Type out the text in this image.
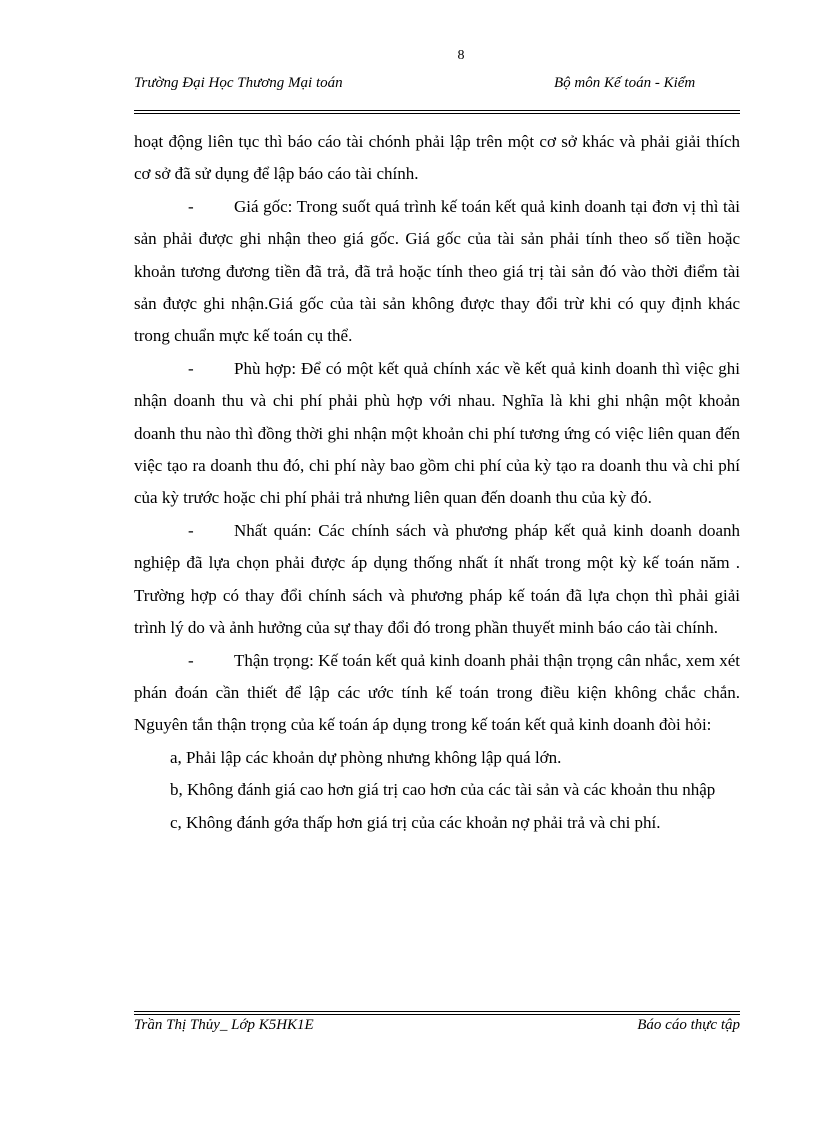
8
Trường Đại Học Thương Mại toán	Bộ môn Kế toán - Kiểm

hoạt động liên tục thì báo cáo tài chónh phải lập trên một cơ sở khác và phải giải thích cơ sở đã sử dụng để lập báo cáo tài chính.

- Giá gốc: Trong suốt quá trình kế toán kết quả kinh doanh tại đơn vị thì tài sản phải được ghi nhận theo giá gốc. Giá gốc của tài sản phải tính theo số tiền hoặc khoản tương đương tiền đã trả, đã trả hoặc tính theo giá trị tài sản đó vào thời điểm tài sản được ghi nhận.Giá gốc của tài sản không được thay đổi trừ khi có quy định khác trong chuẩn mực kế toán cụ thể.

- Phù hợp: Để có một kết quả chính xác về kết quả kinh doanh thì việc ghi nhận doanh thu và chi phí phải phù hợp với nhau. Nghĩa là khi ghi nhận một khoản doanh thu nào thì đồng thời ghi nhận một khoản chi phí tương ứng có việc liên quan đến việc tạo ra doanh thu đó, chi phí này bao gồm chi phí của kỳ tạo ra doanh thu và chi phí của kỳ trước hoặc chi phí phải trả nhưng liên quan đến doanh thu của kỳ đó.

- Nhất quán: Các chính sách và phương pháp kết quả kinh doanh doanh nghiệp đã lựa chọn phải được áp dụng thống nhất ít nhất trong một kỳ kế toán năm . Trường hợp có thay đổi chính sách và phương pháp kế toán đã lựa chọn thì phải giải trình lý do và ảnh hưởng của sự thay đổi đó trong phần thuyết minh báo cáo tài chính.

- Thận trọng: Kế toán kết quả kinh doanh phải thận trọng cân nhắc, xem xét phán đoán cần thiết để lập các ước tính kế toán trong điều kiện không chắc chắn. Nguyên tắn thận trọng của kế toán áp dụng trong kế toán kết quả kinh doanh đòi hỏi:

a, Phải lập các khoản dự phòng nhưng không lập quá lớn.

b, Không đánh giá cao hơn giá trị cao hơn của các tài sản và các khoản thu nhập

c, Không đánh gớa thấp hơn giá trị của các khoản nợ phải trả và chi phí.

Trần Thị Thủy_ Lớp K5HK1E	Báo cáo thực tập
